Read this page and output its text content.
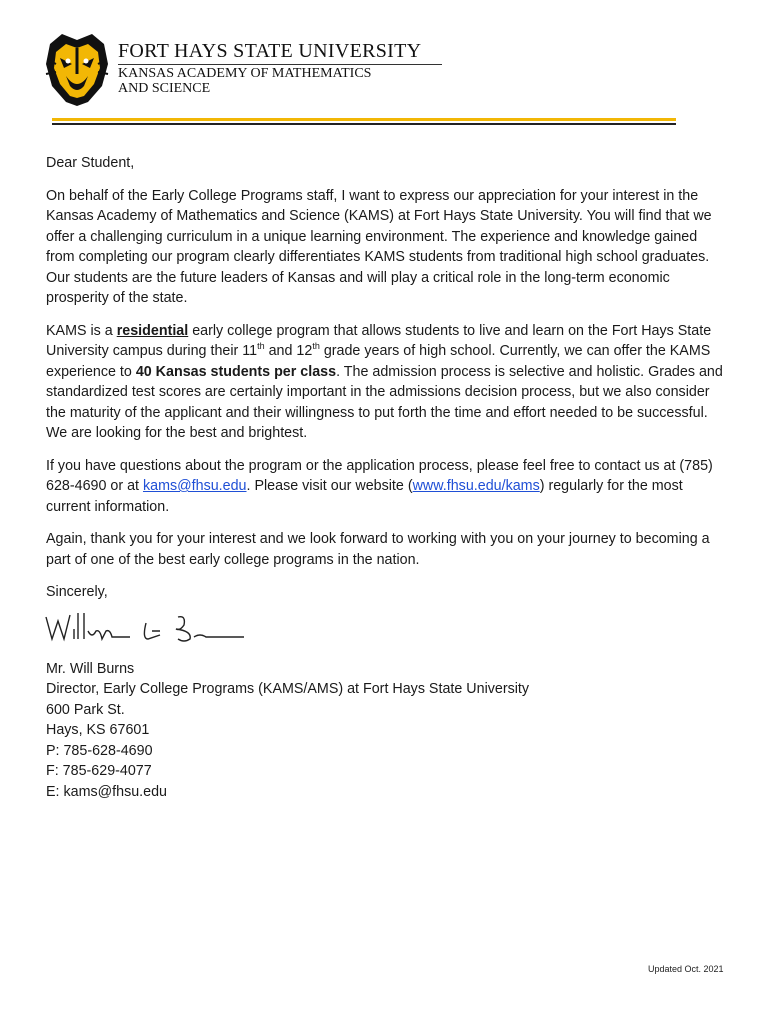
FORT HAYS STATE UNIVERSITY
KANSAS ACADEMY OF MATHEMATICS
AND SCIENCE

Dear Student,

On behalf of the Early College Programs staff, I want to express our appreciation for your interest in the Kansas Academy of Mathematics and Science (KAMS) at Fort Hays State University. You will find that we offer a challenging curriculum in a unique learning environment. The experience and knowledge gained from completing our program clearly differentiates KAMS students from traditional high school graduates. Our students are the future leaders of Kansas and will play a critical role in the long-term economic prosperity of the state.

KAMS is a residential early college program that allows students to live and learn on the Fort Hays State University campus during their 11th and 12th grade years of high school. Currently, we can offer the KAMS experience to 40 Kansas students per class. The admission process is selective and holistic. Grades and standardized test scores are certainly important in the admissions decision process, but we also consider the maturity of the applicant and their willingness to put forth the time and effort needed to be successful. We are looking for the best and brightest.

If you have questions about the program or the application process, please feel free to contact us at (785) 628-4690 or at kams@fhsu.edu. Please visit our website (www.fhsu.edu/kams) regularly for the most current information.

Again, thank you for your interest and we look forward to working with you on your journey to becoming a part of one of the best early college programs in the nation.

Sincerely,

Mr. Will Burns
Director, Early College Programs (KAMS/AMS) at Fort Hays State University
600 Park St.
Hays, KS 67601
P: 785-628-4690
F: 785-629-4077
E: kams@fhsu.edu
Updated Oct. 2021
